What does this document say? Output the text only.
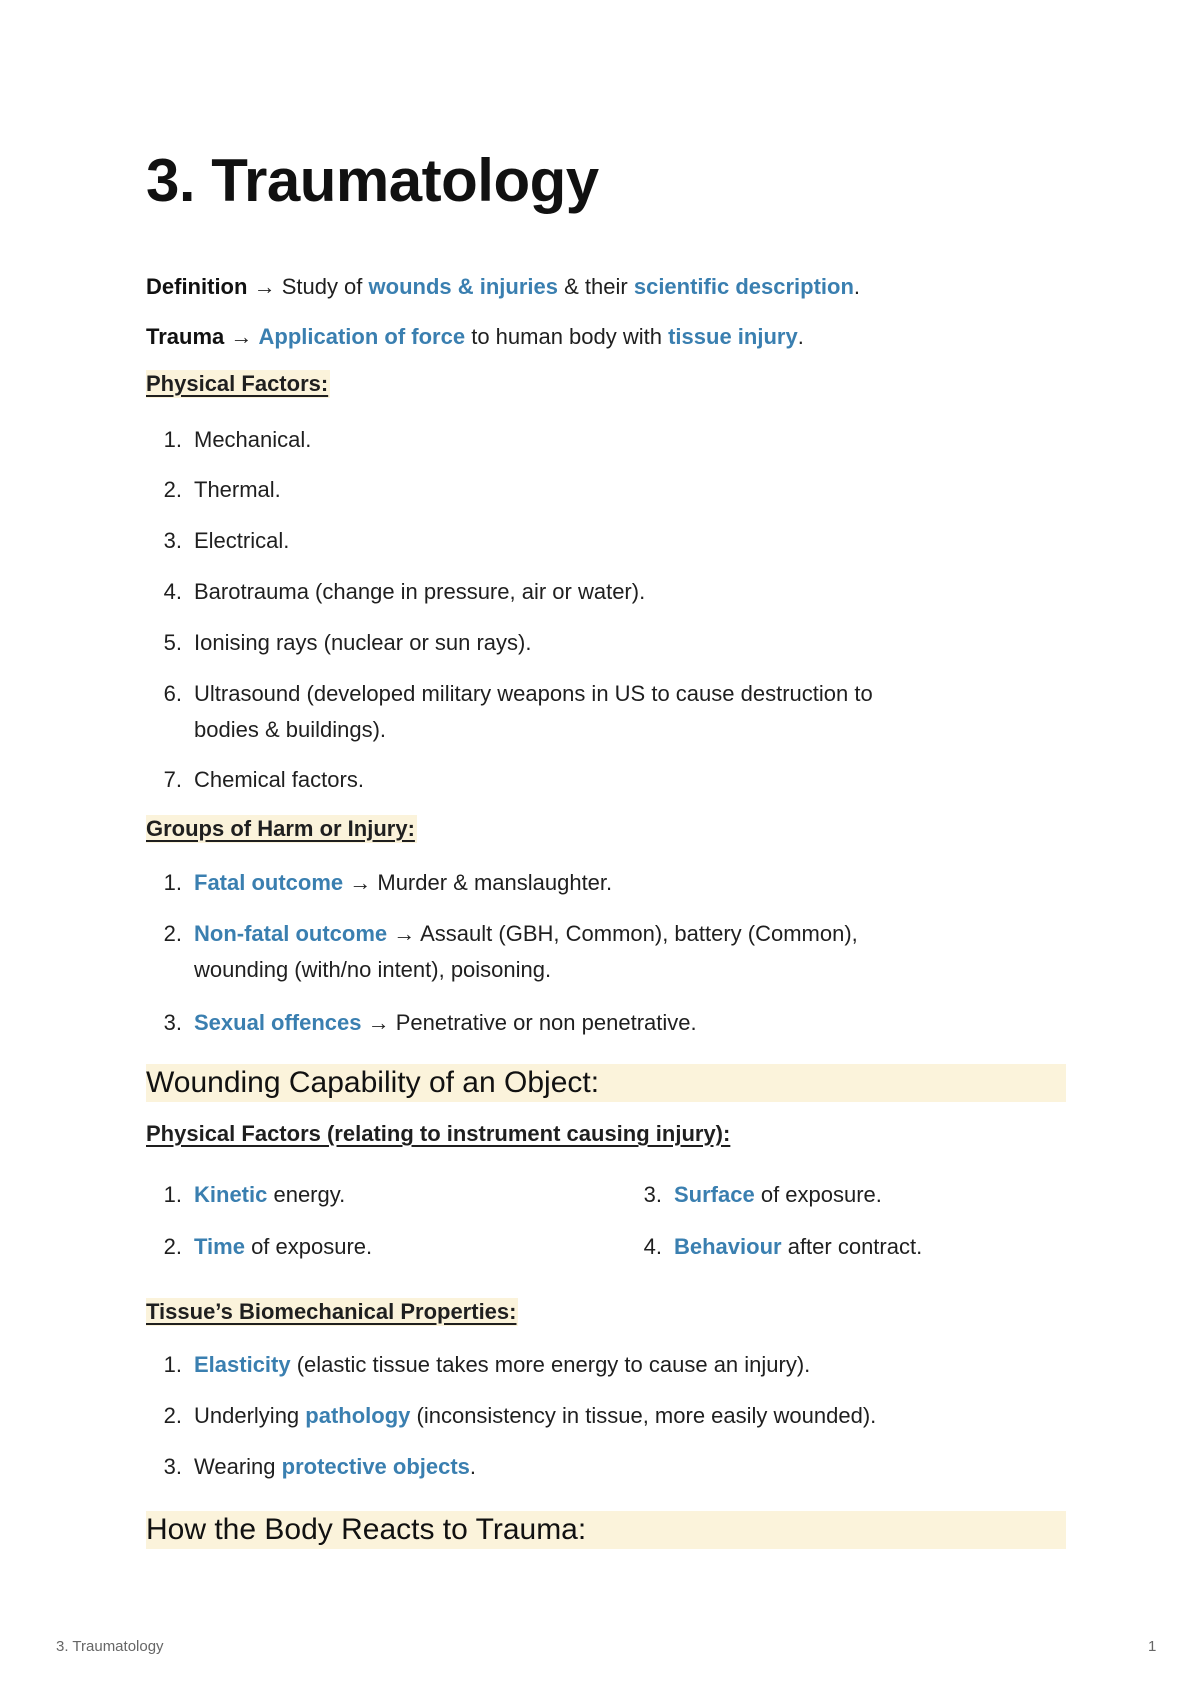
3. Traumatology

Definition → Study of wounds & injuries & their scientific description.

Trauma → Application of force to human body with tissue injury.

Physical Factors:
1. Mechanical.
2. Thermal.
3. Electrical.
4. Barotrauma (change in pressure, air or water).
5. Ionising rays (nuclear or sun rays).
6. Ultrasound (developed military weapons in US to cause destruction to
bodies & buildings).
7. Chemical factors.
Groups of Harm or Injury:
1. Fatal outcome → Murder & manslaughter.
2. Non-fatal outcome → Assault (GBH, Common), battery (Common),
wounding (with/no intent), poisoning.
3. Sexual offences → Penetrative or non penetrative.
Wounding Capability of an Object:
Physical Factors (relating to instrument causing injury):
1. Kinetic energy.
2. Time of exposure.
3. Surface of exposure.
4. Behaviour after contract.
Tissue’s Biomechanical Properties:
1. Elasticity (elastic tissue takes more energy to cause an injury).
2. Underlying pathology (inconsistency in tissue, more easily wounded).
3. Wearing protective objects.
How the Body Reacts to Trauma:
3. Traumatology	1
